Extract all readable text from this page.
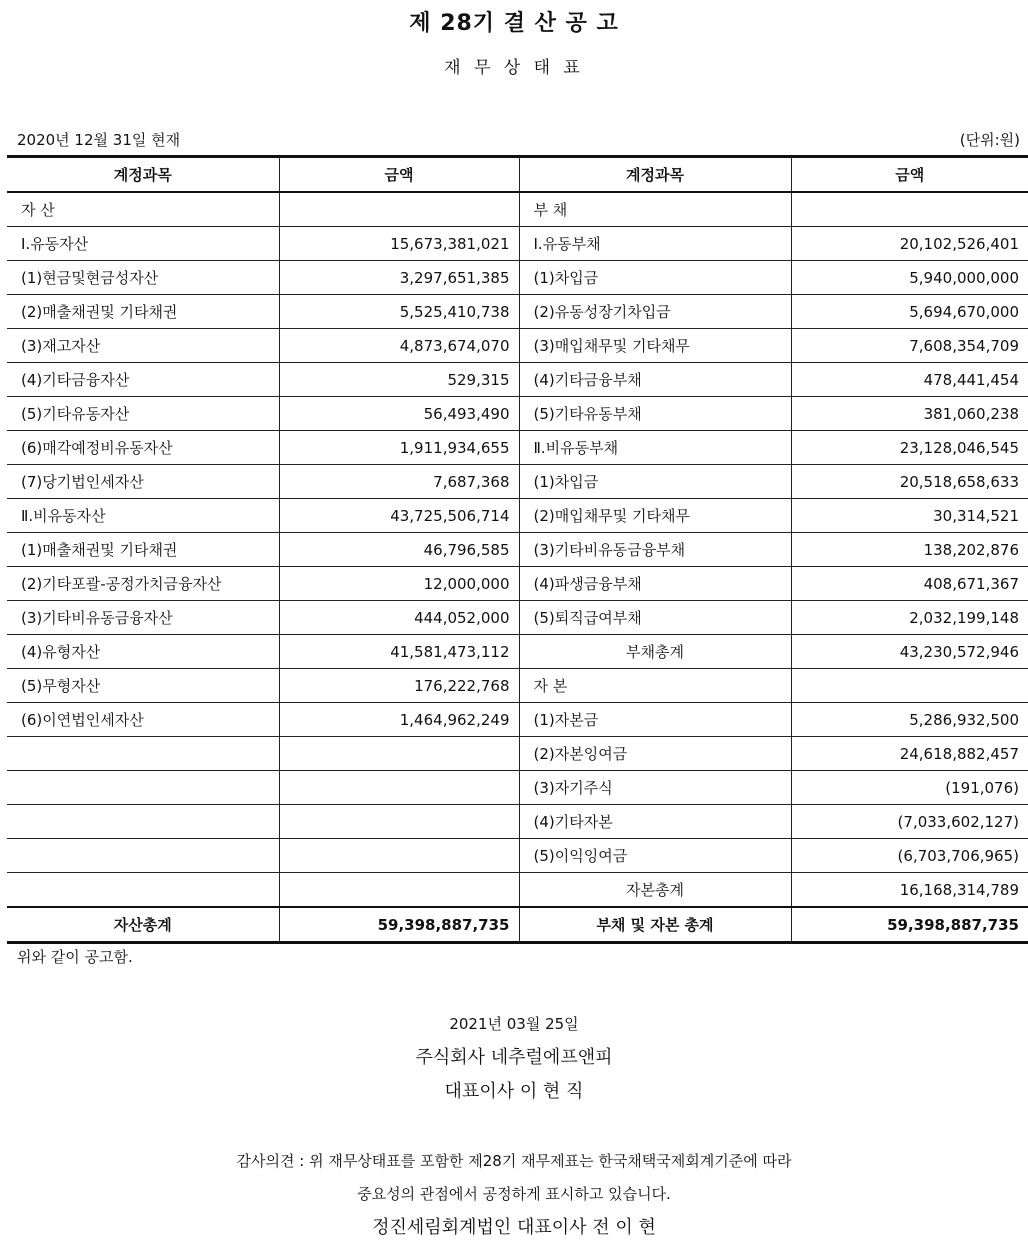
제 28기 결 산 공 고
재 무 상 태 표
2020년 12월 31일 현재	(단위:원)
계정과목	금액	계정과목	금액
자 산		부 채	
Ⅰ.유동자산	15,673,381,021	Ⅰ.유동부채	20,102,526,401
(1)현금및현금성자산	3,297,651,385	(1)차입금	5,940,000,000
(2)매출채권및 기타채권	5,525,410,738	(2)유동성장기차입금	5,694,670,000
(3)재고자산	4,873,674,070	(3)매입채무및 기타채무	7,608,354,709
(4)기타금융자산	529,315	(4)기타금융부채	478,441,454
(5)기타유동자산	56,493,490	(5)기타유동부채	381,060,238
(6)매각예정비유동자산	1,911,934,655	Ⅱ.비유동부채	23,128,046,545
(7)당기법인세자산	7,687,368	(1)차입금	20,518,658,633
Ⅱ.비유동자산	43,725,506,714	(2)매입채무및 기타채무	30,314,521
(1)매출채권및 기타채권	46,796,585	(3)기타비유동금융부채	138,202,876
(2)기타포괄-공정가치금융자산	12,000,000	(4)파생금융부채	408,671,367
(3)기타비유동금융자산	444,052,000	(5)퇴직급여부채	2,032,199,148
(4)유형자산	41,581,473,112	부채총계	43,230,572,946
(5)무형자산	176,222,768	자 본	
(6)이연법인세자산	1,464,962,249	(1)자본금	5,286,932,500
		(2)자본잉여금	24,618,882,457
		(3)자기주식	(191,076)
		(4)기타자본	(7,033,602,127)
		(5)이익잉여금	(6,703,706,965)
		자본총계	16,168,314,789
자산총계	59,398,887,735	부채 및 자본 총계	59,398,887,735
위와 같이 공고함.
2021년 03월 25일
주식회사 네추럴에프앤피
대표이사 이 현 직
감사의견 : 위 재무상태표를 포함한 제28기 재무제표는 한국채택국제회계기준에 따라
중요성의 관점에서 공정하게 표시하고 있습니다.
정진세림회계법인 대표이사 전 이 현
